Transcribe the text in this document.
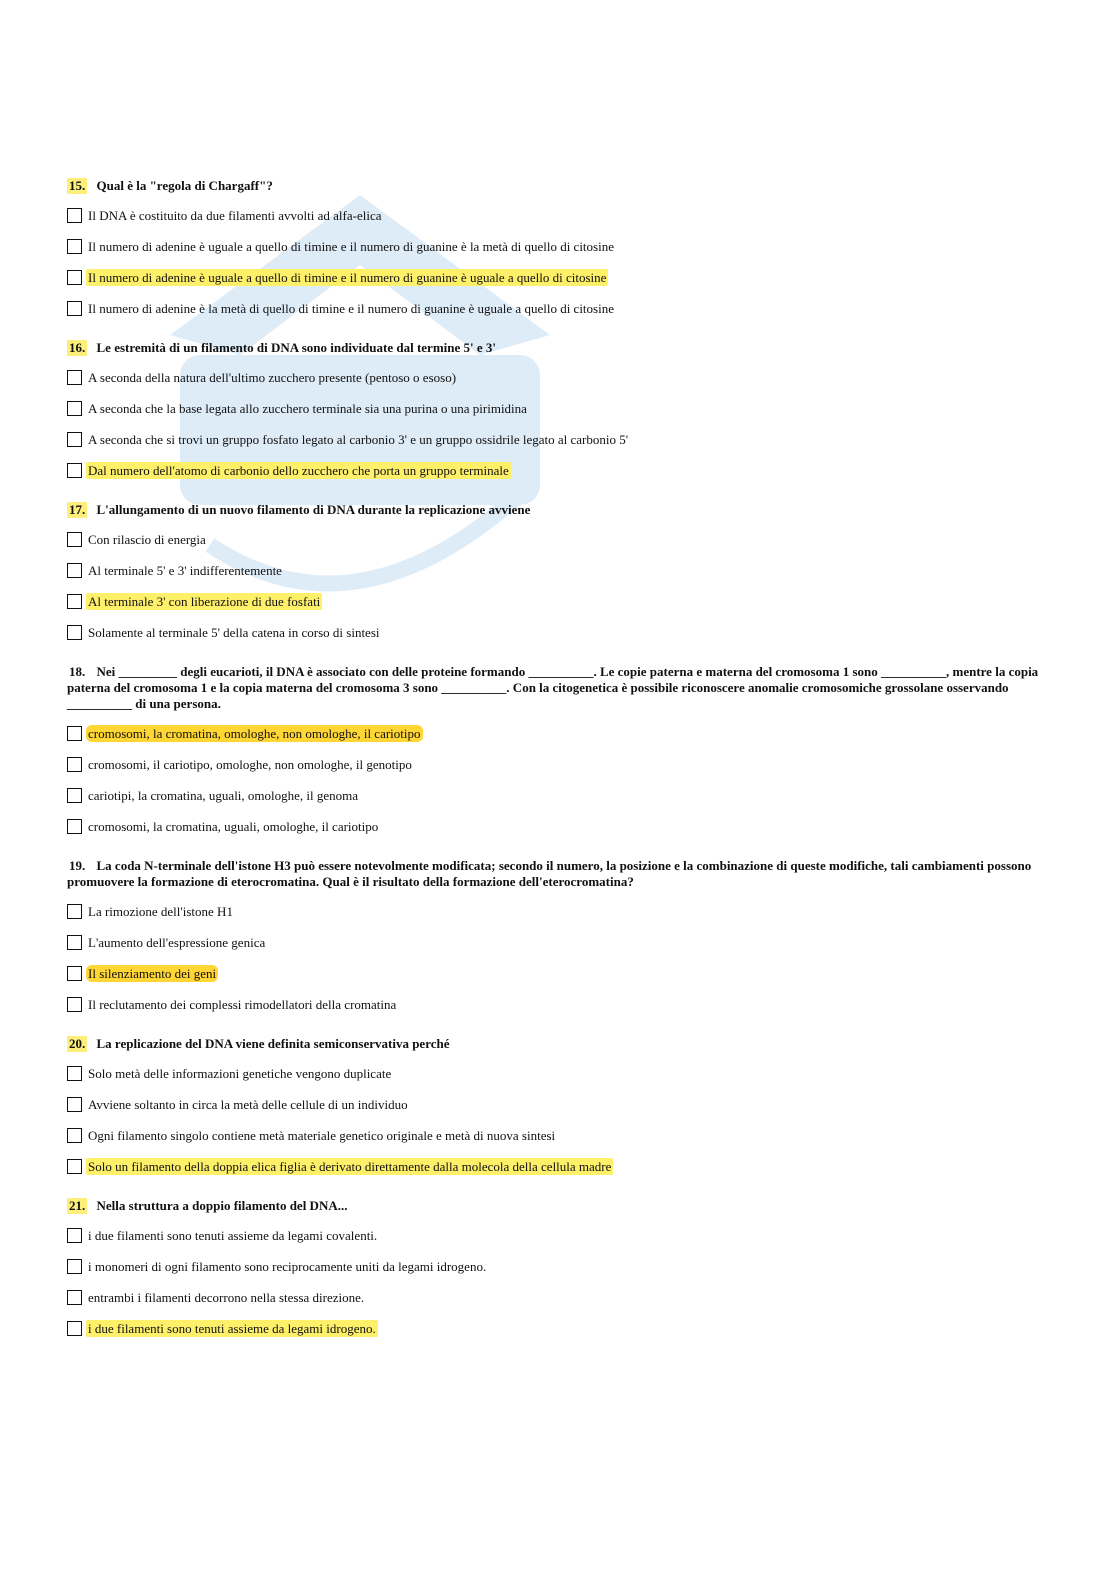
15. Qual è la "regola di Chargaff"?
Il DNA è costituito da due filamenti avvolti ad alfa-elica
Il numero di adenine è uguale a quello di timine e il numero di guanine è la metà di quello di citosine
Il numero di adenine è uguale a quello di timine e il numero di guanine è uguale a quello di citosine
Il numero di adenine è la metà di quello di timine e il numero di guanine è uguale a quello di citosine
16. Le estremità di un filamento di DNA sono individuate dal termine 5' e 3'
A seconda della natura dell'ultimo zucchero presente (pentoso o esoso)
A seconda che la base legata allo zucchero terminale sia una purina o una pirimidina
A seconda che si trovi un gruppo fosfato legato al carbonio 3' e un gruppo ossidrile legato al carbonio 5'
Dal numero dell'atomo di carbonio dello zucchero che porta un gruppo terminale
17. L'allungamento di un nuovo filamento di DNA durante la replicazione avviene
Con rilascio di energia
Al terminale 5' e 3' indifferentemente
Al terminale 3' con liberazione di due fosfati
Solamente al terminale 5' della catena in corso di sintesi
18. Nei _________ degli eucarioti, il DNA è associato con delle proteine formando __________. Le copie paterna e materna del cromosoma 1 sono __________, mentre la copia paterna del cromosoma 1 e la copia materna del cromosoma 3 sono __________. Con la citogenetica è possibile riconoscere anomalie cromosomiche grossolane osservando __________ di una persona.
cromosomi, la cromatina, omologhe, non omologhe, il cariotipo
cromosomi, il cariotipo, omologhe, non omologhe, il genotipo
cariotipi, la cromatina, uguali, omologhe, il genoma
cromosomi, la cromatina, uguali, omologhe, il cariotipo
19. La coda N-terminale dell'istone H3 può essere notevolmente modificata; secondo il numero, la posizione e la combinazione di queste modifiche, tali cambiamenti possono promuovere la formazione di eterocromatina. Qual è il risultato della formazione dell'eterocromatina?
La rimozione dell'istone H1
L'aumento dell'espressione genica
Il silenziamento dei geni
Il reclutamento dei complessi rimodellatori della cromatina
20. La replicazione del DNA viene definita semiconservativa perché
Solo metà delle informazioni genetiche vengono duplicate
Avviene soltanto in circa la metà delle cellule di un individuo
Ogni filamento singolo contiene metà materiale genetico originale e metà di nuova sintesi
Solo un filamento della doppia elica figlia è derivato direttamente dalla molecola della cellula madre
21. Nella struttura a doppio filamento del DNA...
i due filamenti sono tenuti assieme da legami covalenti.
i monomeri di ogni filamento sono reciprocamente uniti da legami idrogeno.
entrambi i filamenti decorrono nella stessa direzione.
i due filamenti sono tenuti assieme da legami idrogeno.
